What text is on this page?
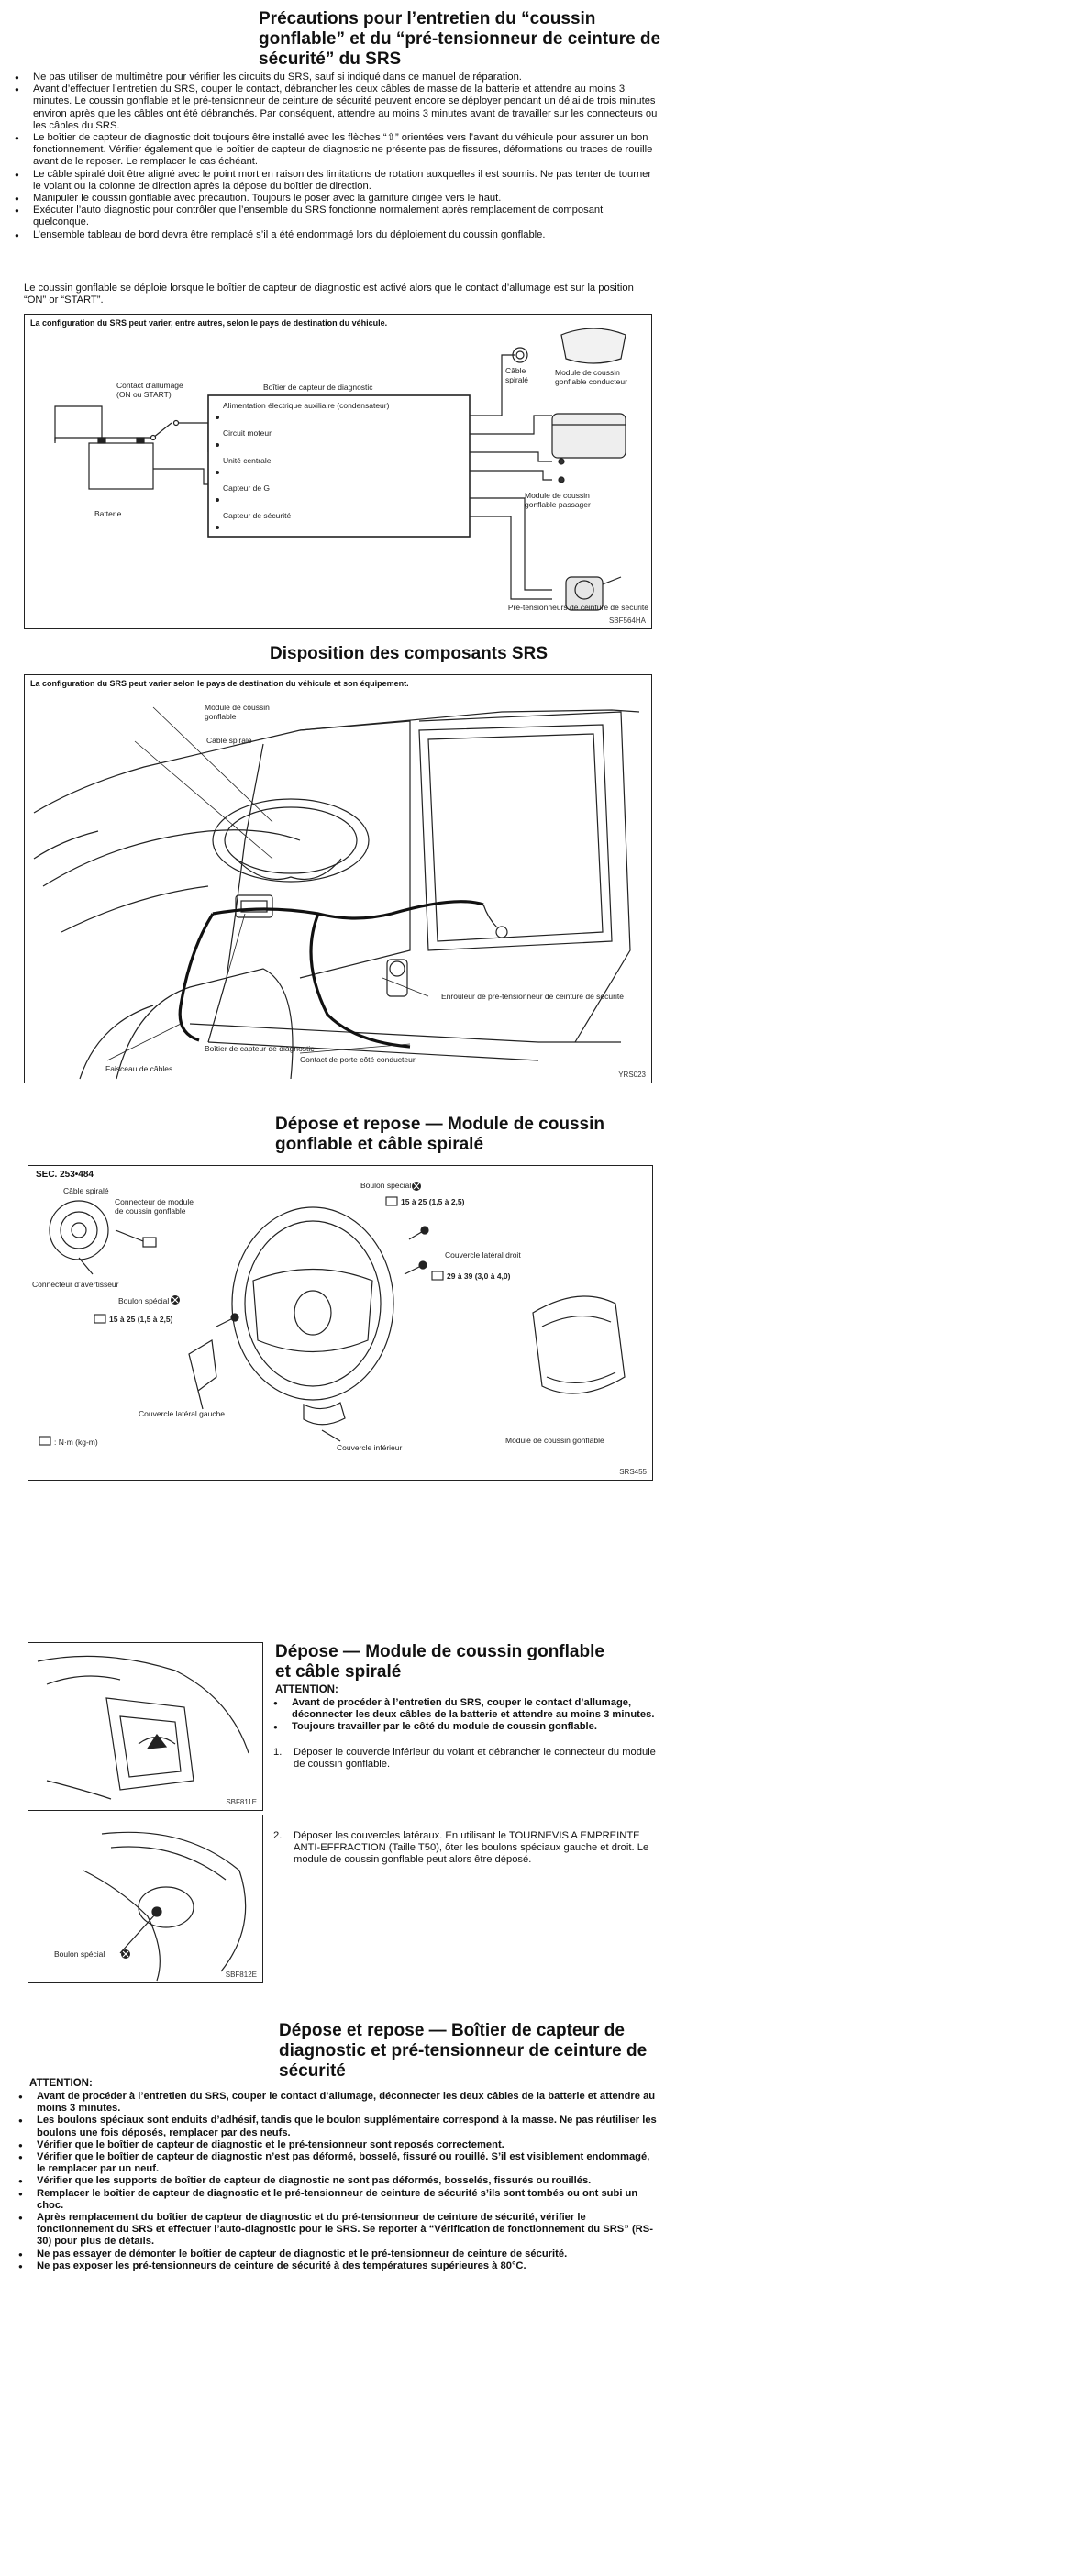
Précautions pour l’entretien du “coussin gonflable” et du “pré-tensionneur de ceinture de sécurité” du SRS
● Ne pas utiliser de multimètre pour vérifier les circuits du SRS, sauf si indiqué dans ce manuel de réparation.
● Avant d’effectuer l’entretien du SRS, couper le contact, débrancher les deux câbles de masse de la batterie et attendre au moins 3 minutes. Le coussin gonflable et le pré-tensionneur de ceinture de sécurité peuvent encore se déployer pendant un délai de trois minutes environ après que les câbles ont été débranchés. Par conséquent, attendre au moins 3 minutes avant de travailler sur les connecteurs ou les câbles du SRS.
● Le boîtier de capteur de diagnostic doit toujours être installé avec les flèches “⇧” orientées vers l’avant du véhicule pour assurer un bon fonctionnement. Vérifier également que le boîtier de capteur de diagnostic ne présente pas de fissures, déformations ou traces de rouille avant de le reposer. Le remplacer le cas échéant.
● Le câble spiralé doit être aligné avec le point mort en raison des limitations de rotation auxquelles il est soumis. Ne pas tenter de tourner le volant ou la colonne de direction après la dépose du boîtier de direction.
● Manipuler le coussin gonflable avec précaution. Toujours le poser avec la garniture dirigée vers le haut.
● Exécuter l’auto diagnostic pour contrôler que l’ensemble du SRS fonctionne normalement après remplacement de composant quelconque.
● L’ensemble tableau de bord devra être remplacé s’il a été endommagé lors du déploiement du coussin gonflable.
Le coussin gonflable se déploie lorsque le boîtier de capteur de diagnostic est activé alors que le contact d’allumage est sur la position “ON” or “START”.
La configuration du SRS peut varier, entre autres, selon le pays de destination du véhicule.
Contact d’allumage (ON ou START)
Batterie
Boîtier de capteur de diagnostic
Alimentation électrique auxiliaire (condensateur)
Circuit moteur
Unité centrale
Capteur de G
Capteur de sécurité
Câble spiralé
Module de coussin gonflable conducteur
Module de coussin gonflable passager
Pré-tensionneurs de ceinture de sécurité
SBF564HA
Disposition des composants SRS
La configuration du SRS peut varier selon le pays de destination du véhicule et son équipement.
Module de coussin gonflable
Câble spiralé
Enrouleur de pré-tensionneur de ceinture de sécurité
Boîtier de capteur de diagnostic
Contact de porte côté conducteur
Faisceau de câbles
YRS023
Dépose et repose — Module de coussin gonflable et câble spiralé
SEC. 253•484
Câble spiralé
Connecteur de module de coussin gonflable
Connecteur d’avertisseur
Boulon spécial
15 à 25 (1,5 à 2,5)
Boulon spécial
15 à 25 (1,5 à 2,5)
Couvercle latéral droit
29 à 39 (3,0 à 4,0)
Couvercle latéral gauche
Couvercle inférieur
Module de coussin gonflable
: N·m (kg-m)
SRS455
SBF811E
Boulon spécial
SBF812E
Dépose — Module de coussin gonflable et câble spiralé
ATTENTION:
● Avant de procéder à l’entretien du SRS, couper le contact d’allumage, déconnecter les deux câbles de la batterie et attendre au moins 3 minutes.
● Toujours travailler par le côté du module de coussin gonflable.
1. Déposer le couvercle inférieur du volant et débrancher le connecteur du module de coussin gonflable.
2. Déposer les couvercles latéraux. En utilisant le TOURNEVIS A EMPREINTE ANTI-EFFRACTION (Taille T50), ôter les boulons spéciaux gauche et droit. Le module de coussin gonflable peut alors être déposé.
Dépose et repose — Boîtier de capteur de diagnostic et pré-tensionneur de ceinture de sécurité
ATTENTION:
● Avant de procéder à l’entretien du SRS, couper le contact d’allumage, déconnecter les deux câbles de la batterie et attendre au moins 3 minutes.
● Les boulons spéciaux sont enduits d’adhésif, tandis que le boulon supplémentaire correspond à la masse. Ne pas réutiliser les boulons une fois déposés, remplacer par des neufs.
● Vérifier que le boîtier de capteur de diagnostic et le pré-tensionneur sont reposés correctement.
● Vérifier que le boîtier de capteur de diagnostic n’est pas déformé, bosselé, fissuré ou rouillé. S’il est visiblement endommagé, le remplacer par un neuf.
● Vérifier que les supports de boîtier de capteur de diagnostic ne sont pas déformés, bosselés, fissurés ou rouillés.
● Remplacer le boîtier de capteur de diagnostic et le pré-tensionneur de ceinture de sécurité s’ils sont tombés ou ont subi un choc.
● Après remplacement du boîtier de capteur de diagnostic et du pré-tensionneur de ceinture de sécurité, vérifier le fonctionnement du SRS et effectuer l’auto-diagnostic pour le SRS. Se reporter à “Vérification de fonctionnement du SRS” (RS-30) pour plus de détails.
● Ne pas essayer de démonter le boîtier de capteur de diagnostic et le pré-tensionneur de ceinture de sécurité.
● Ne pas exposer les pré-tensionneurs de ceinture de sécurité à des températures supérieures à 80°C.
